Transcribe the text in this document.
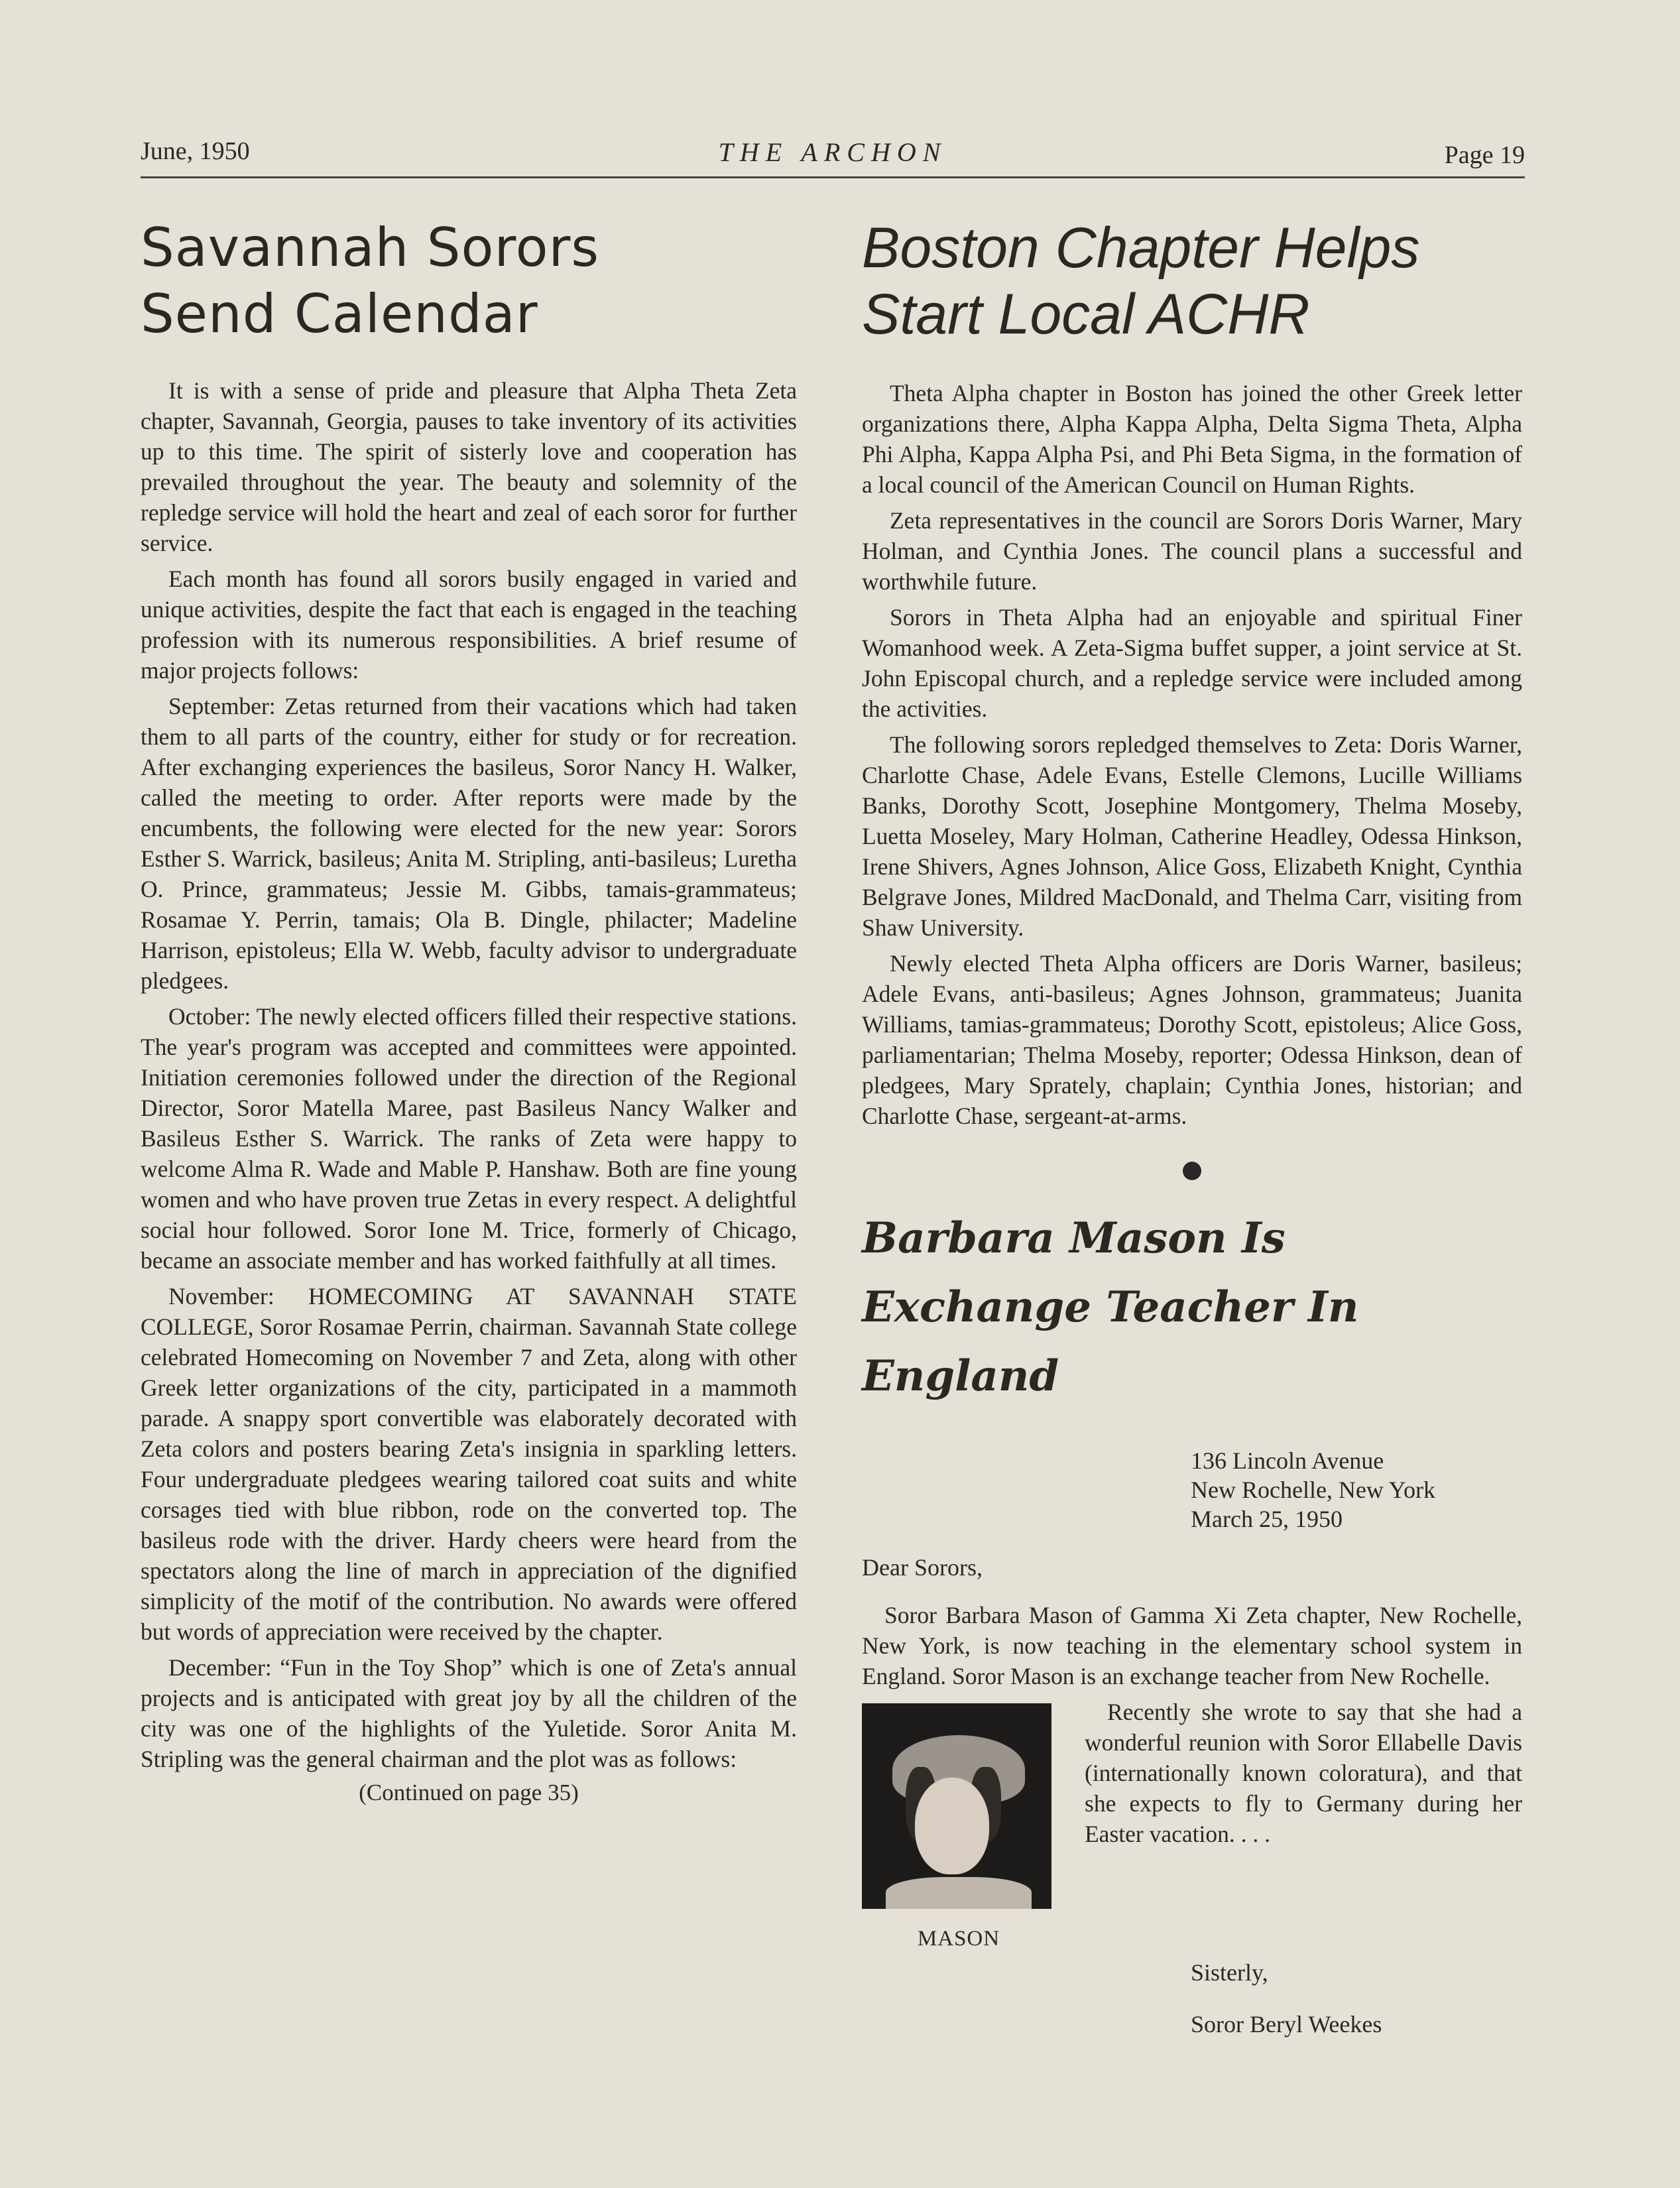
June, 1950	THE ARCHON	Page 19
Savannah Sorors
Send Calendar

It is with a sense of pride and pleasure that Alpha Theta Zeta chapter, Savannah, Georgia, pauses to take inventory of its activities up to this time. The spirit of sisterly love and cooperation has prevailed throughout the year. The beauty and solemnity of the repledge service will hold the heart and zeal of each soror for further service.

Each month has found all sorors busily engaged in varied and unique activities, despite the fact that each is engaged in the teaching profession with its numerous responsibilities. A brief resume of major projects follows:

September: Zetas returned from their vacations which had taken them to all parts of the country, either for study or for recreation. After exchanging experiences the basileus, Soror Nancy H. Walker, called the meeting to order. After reports were made by the encumbents, the following were elected for the new year: Sorors Esther S. Warrick, basileus; Anita M. Stripling, anti-basileus; Luretha O. Prince, grammateus; Jessie M. Gibbs, tamais-grammateus; Rosamae Y. Perrin, tamais; Ola B. Dingle, philacter; Madeline Harrison, epistoleus; Ella W. Webb, faculty advisor to undergraduate pledgees.

October: The newly elected officers filled their respective stations. The year's program was accepted and committees were appointed. Initiation ceremonies followed under the direction of the Regional Director, Soror Matella Maree, past Basileus Nancy Walker and Basileus Esther S. Warrick. The ranks of Zeta were happy to welcome Alma R. Wade and Mable P. Hanshaw. Both are fine young women and who have proven true Zetas in every respect. A delightful social hour followed. Soror Ione M. Trice, formerly of Chicago, became an associate member and has worked faithfully at all times.

November: HOMECOMING AT SAVANNAH STATE COLLEGE, Soror Rosamae Perrin, chairman. Savannah State college celebrated Homecoming on November 7 and Zeta, along with other Greek letter organizations of the city, participated in a mammoth parade. A snappy sport convertible was elaborately decorated with Zeta colors and posters bearing Zeta's insignia in sparkling letters. Four undergraduate pledgees wearing tailored coat suits and white corsages tied with blue ribbon, rode on the converted top. The basileus rode with the driver. Hardy cheers were heard from the spectators along the line of march in appreciation of the dignified simplicity of the motif of the contribution. No awards were offered but words of appreciation were received by the chapter.

December: “Fun in the Toy Shop” which is one of Zeta's annual projects and is anticipated with great joy by all the children of the city was one of the highlights of the Yuletide. Soror Anita M. Stripling was the general chairman and the plot was as follows:

(Continued on page 35)
Boston Chapter Helps
Start Local ACHR

Theta Alpha chapter in Boston has joined the other Greek letter organizations there, Alpha Kappa Alpha, Delta Sigma Theta, Alpha Phi Alpha, Kappa Alpha Psi, and Phi Beta Sigma, in the formation of a local council of the American Council on Human Rights.

Zeta representatives in the council are Sorors Doris Warner, Mary Holman, and Cynthia Jones. The council plans a successful and worthwhile future.

Sorors in Theta Alpha had an enjoyable and spiritual Finer Womanhood week. A Zeta-Sigma buffet supper, a joint service at St. John Episcopal church, and a repledge service were included among the activities.

The following sorors repledged themselves to Zeta: Doris Warner, Charlotte Chase, Adele Evans, Estelle Clemons, Lucille Williams Banks, Dorothy Scott, Josephine Montgomery, Thelma Moseby, Luetta Moseley, Mary Holman, Catherine Headley, Odessa Hinkson, Irene Shivers, Agnes Johnson, Alice Goss, Elizabeth Knight, Cynthia Belgrave Jones, Mildred MacDonald, and Thelma Carr, visiting from Shaw University.

Newly elected Theta Alpha officers are Doris Warner, basileus; Adele Evans, anti-basileus; Agnes Johnson, grammateus; Juanita Williams, tamias-grammateus; Dorothy Scott, epistoleus; Alice Goss, parliamentarian; Thelma Moseby, reporter; Odessa Hinkson, dean of pledgees, Mary Sprately, chaplain; Cynthia Jones, historian; and Charlotte Chase, sergeant-at-arms.

Barbara Mason Is
Exchange Teacher In England
136 Lincoln Avenue
New Rochelle, New York
March 25, 1950
Dear Sorors,

Soror Barbara Mason of Gamma Xi Zeta chapter, New Rochelle, New York, is now teaching in the elementary school system in England. Soror Mason is an exchange teacher from New Rochelle.

MASON

Recently she wrote to say that she had a wonderful reunion with Soror Ellabelle Davis (internationally known coloratura), and that she expects to fly to Germany during her Easter vacation. . . .

Sisterly,
Soror Beryl Weekes
